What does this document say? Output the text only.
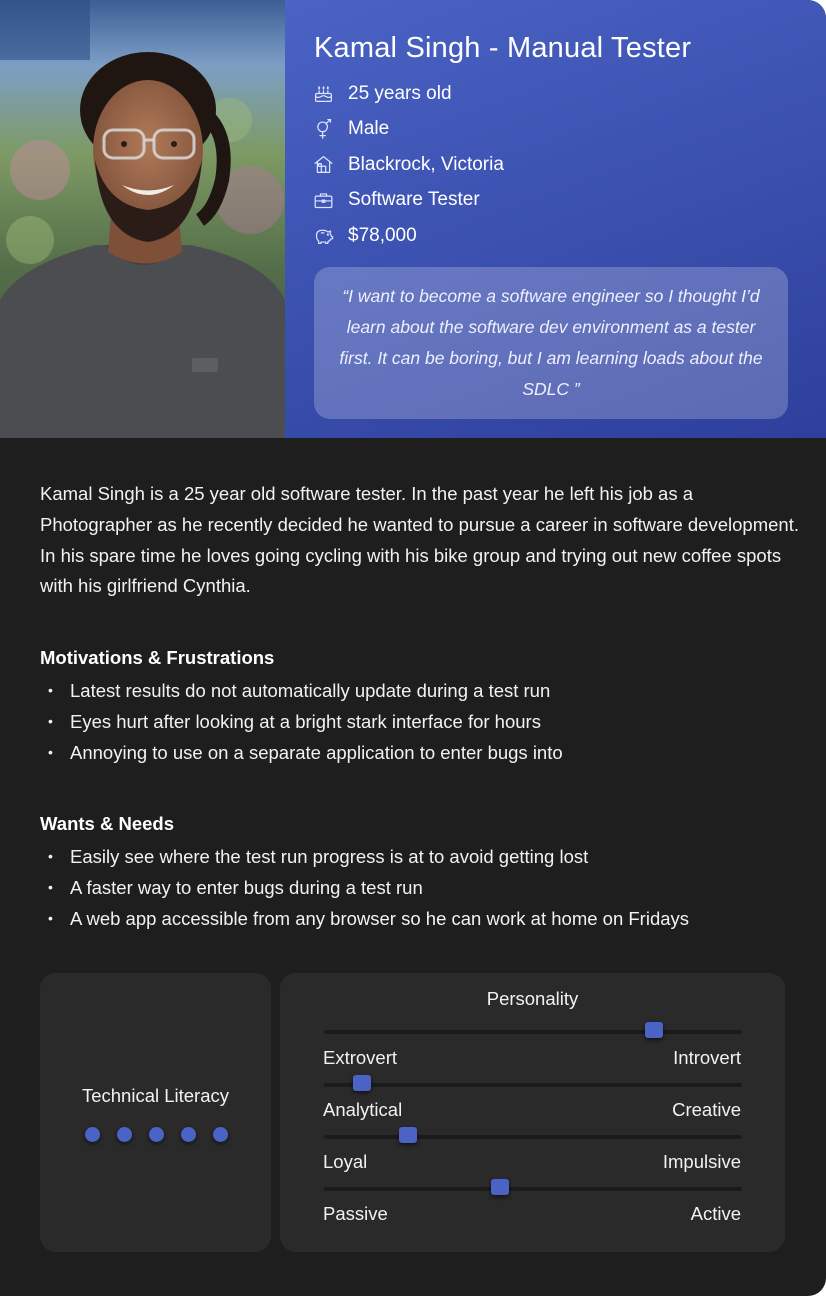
Kamal Singh - Manual Tester
25 years old
Male
Blackrock, Victoria
Software Tester
$78,000

“I want to become a software engineer so I thought I’d learn about the software dev environment as a tester first. It can be boring, but I am learning loads about the SDLC ”

Kamal Singh is a 25 year old software tester. In the past year he left his job as a Photographer as he recently decided he wanted to pursue a career in software development. In his spare time he loves going cycling with his bike group and trying out new coffee spots with his girlfriend Cynthia.

Motivations & Frustrations
• Latest results do not automatically update during a test run
• Eyes hurt after looking at a bright stark interface for hours
• Annoying to use on a separate application to enter bugs into
Wants & Needs
• Easily see where the test run progress is at to avoid getting lost
• A faster way to enter bugs during a test run
• A web app accessible from any browser so he can work at home on Fridays
Technical Literacy
Personality
Extrovert	Introvert
Analytical	Creative
Loyal	Impulsive
Passive	Active
